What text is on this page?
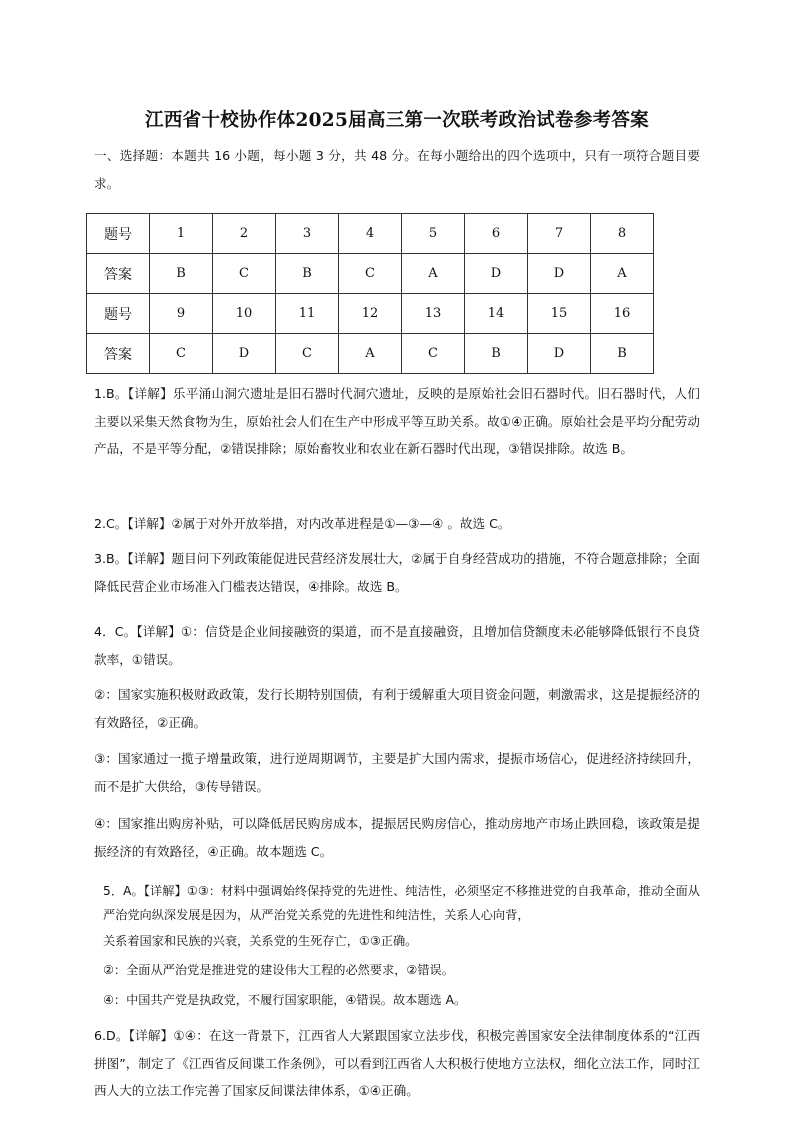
江西省十校协作体2025届高三第一次联考政治试卷参考答案
一、选择题：本题共 16 小题，每小题 3 分，共 48 分。在每小题给出的四个选项中，只有一项符合题目要求。
题号	1	2	3	4	5	6	7	8
答案	B	C	B	C	A	D	D	A
题号	9	10	11	12	13	14	15	16
答案	C	D	C	A	C	B	D	B
1.B。【详解】乐平涌山洞穴遗址是旧石器时代洞穴遗址，反映的是原始社会旧石器时代。旧石器时代，人们主要以采集天然食物为生，原始社会人们在生产中形成平等互助关系。故①④正确。原始社会是平均分配劳动产品，不是平等分配，②错误排除；原始畜牧业和农业在新石器时代出现，③错误排除。故选 B。
2.C。【详解】②属于对外开放举措，对内改革进程是①—③—④ 。故选 C。
3.B。【详解】题目问下列政策能促进民营经济发展壮大，②属于自身经营成功的措施，不符合题意排除；全面降低民营企业市场准入门槛表达错误，④排除。故选 B。
4．C。【详解】①：信贷是企业间接融资的渠道，而不是直接融资，且增加信贷额度未必能够降低银行不良贷款率，①错误。
②：国家实施积极财政政策，发行长期特别国债，有利于缓解重大项目资金问题，刺激需求，这是提振经济的有效路径，②正确。
③：国家通过一揽子增量政策，进行逆周期调节，主要是扩大国内需求，提振市场信心，促进经济持续回升，而不是扩大供给，③传导错误。
④：国家推出购房补贴，可以降低居民购房成本，提振居民购房信心，推动房地产市场止跌回稳，该政策是提振经济的有效路径，④正确。故本题选 C。
5．A。【详解】①③：材料中强调始终保持党的先进性、纯洁性，必须坚定不移推进党的自我革命，推动全面从严治党向纵深发展是因为，从严治党关系党的先进性和纯洁性，关系人心向背，
关系着国家和民族的兴衰，关系党的生死存亡，①③正确。
②：全面从严治党是推进党的建设伟大工程的必然要求，②错误。
④：中国共产党是执政党，不履行国家职能，④错误。故本题选 A。
6.D。【详解】①④：在这一背景下，江西省人大紧跟国家立法步伐，积极完善国家安全法律制度体系的“江西拼图”，制定了《江西省反间谍工作条例》，可以看到江西省人大积极行使地方立法权，细化立法工作，同时江西人大的立法工作完善了国家反间谍法律体系，①④正确。
